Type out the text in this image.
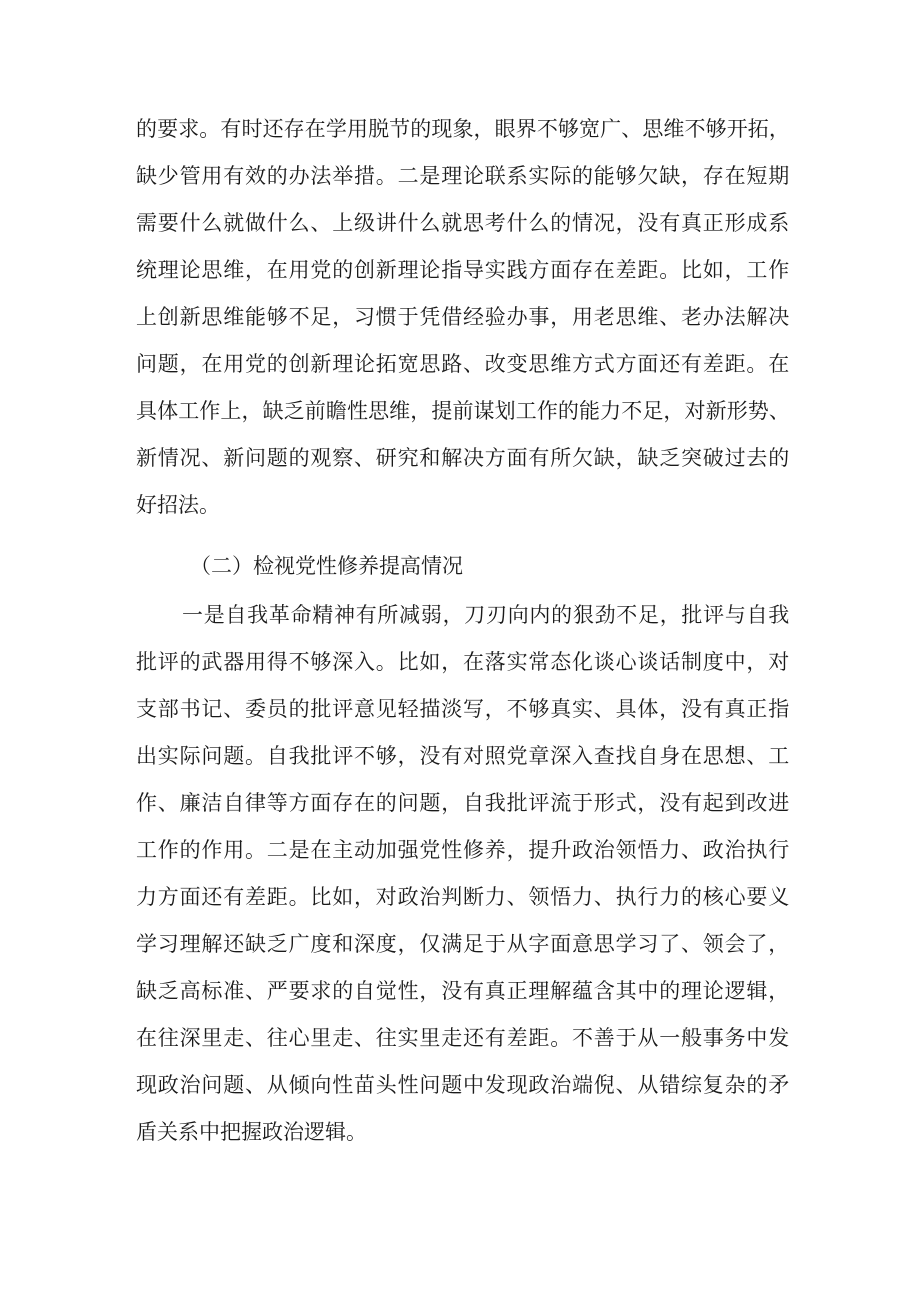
的要求。有时还存在学用脱节的现象，眼界不够宽广、思维不够开拓，
缺少管用有效的办法举措。二是理论联系实际的能够欠缺，存在短期
需要什么就做什么、上级讲什么就思考什么的情况，没有真正形成系
统理论思维，在用党的创新理论指导实践方面存在差距。比如，工作
上创新思维能够不足，习惯于凭借经验办事，用老思维、老办法解决
问题，在用党的创新理论拓宽思路、改变思维方式方面还有差距。在
具体工作上，缺乏前瞻性思维，提前谋划工作的能力不足，对新形势、
新情况、新问题的观察、研究和解决方面有所欠缺，缺乏突破过去的
好招法。
（二）检视党性修养提高情况
一是自我革命精神有所减弱，刀刃向内的狠劲不足，批评与自我
批评的武器用得不够深入。比如，在落实常态化谈心谈话制度中，对
支部书记、委员的批评意见轻描淡写，不够真实、具体，没有真正指
出实际问题。自我批评不够，没有对照党章深入查找自身在思想、工
作、廉洁自律等方面存在的问题，自我批评流于形式，没有起到改进
工作的作用。二是在主动加强党性修养，提升政治领悟力、政治执行
力方面还有差距。比如，对政治判断力、领悟力、执行力的核心要义
学习理解还缺乏广度和深度，仅满足于从字面意思学习了、领会了，
缺乏高标准、严要求的自觉性，没有真正理解蕴含其中的理论逻辑，
在往深里走、往心里走、往实里走还有差距。不善于从一般事务中发
现政治问题、从倾向性苗头性问题中发现政治端倪、从错综复杂的矛
盾关系中把握政治逻辑。
